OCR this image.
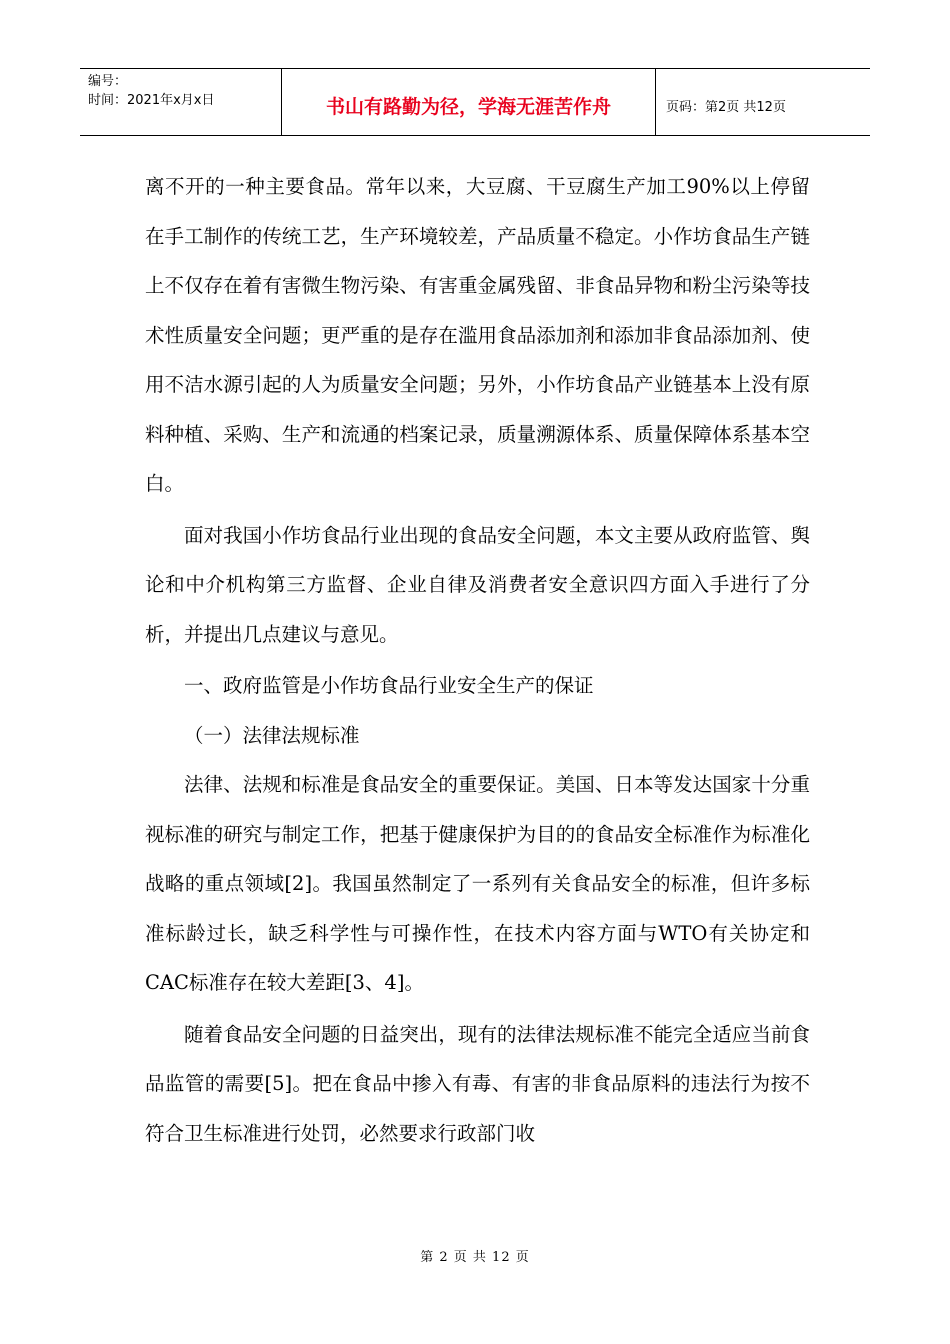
编号：
时间：2021年x月x日	书山有路勤为径，学海无涯苦作舟	页码：第2页 共12页

离不开的一种主要食品。常年以来，大豆腐、干豆腐生产加工90%以上停留在手工制作的传统工艺，生产环境较差，产品质量不稳定。小作坊食品生产链上不仅存在着有害微生物污染、有害重金属残留、非食品异物和粉尘污染等技术性质量安全问题；更严重的是存在滥用食品添加剂和添加非食品添加剂、使用不洁水源引起的人为质量安全问题；另外，小作坊食品产业链基本上没有原料种植、采购、生产和流通的档案记录，质量溯源体系、质量保障体系基本空白。

面对我国小作坊食品行业出现的食品安全问题，本文主要从政府监管、舆论和中介机构第三方监督、企业自律及消费者安全意识四方面入手进行了分析，并提出几点建议与意见。

一、政府监管是小作坊食品行业安全生产的保证

（一）法律法规标准

法律、法规和标准是食品安全的重要保证。美国、日本等发达国家十分重视标准的研究与制定工作，把基于健康保护为目的的食品安全标准作为标准化战略的重点领域[2]。我国虽然制定了一系列有关食品安全的标准，但许多标准标龄过长，缺乏科学性与可操作性，在技术内容方面与WTO有关协定和CAC标准存在较大差距[3、4]。

随着食品安全问题的日益突出，现有的法律法规标准不能完全适应当前食品监管的需要[5]。把在食品中掺入有毒、有害的非食品原料的违法行为按不符合卫生标准进行处罚，必然要求行政部门收

第 2 页 共 12 页
